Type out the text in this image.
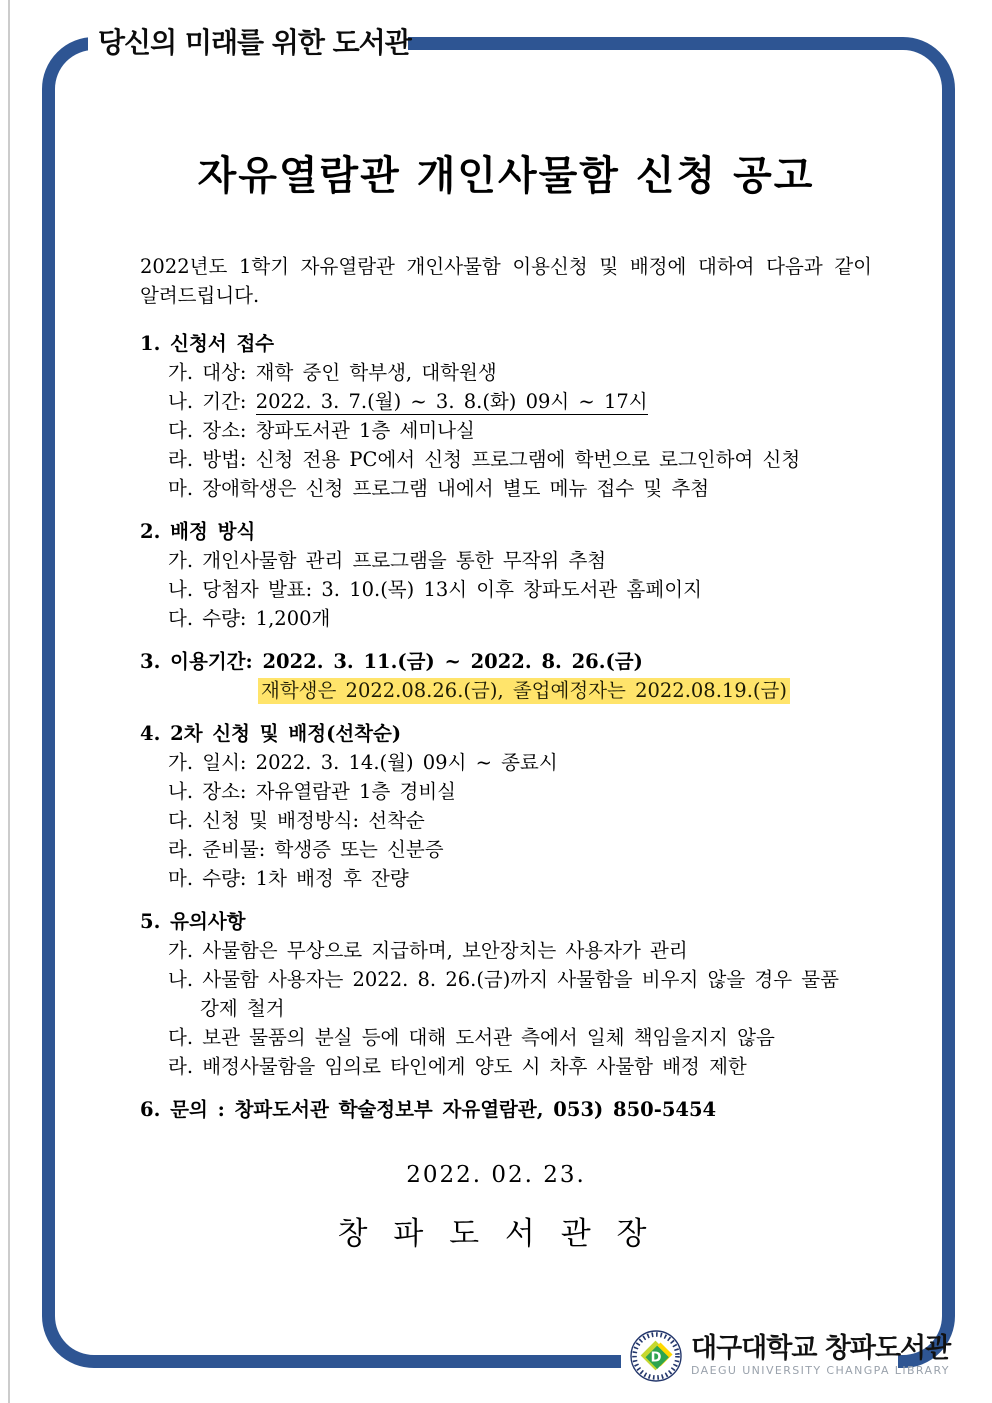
당신의 미래를 위한 도서관
자유열람관 개인사물함 신청 공고
2022년도 1학기 자유열람관 개인사물함 이용신청 및 배정에 대하여 다음과 같이 알려드립니다.
1. 신청서 접수
가. 대상: 재학 중인 학부생, 대학원생
나. 기간: 2022. 3. 7.(월) ~ 3. 8.(화) 09시 ~ 17시
다. 장소: 창파도서관 1층 세미나실
라. 방법: 신청 전용 PC에서 신청 프로그램에 학번으로 로그인하여 신청
마. 장애학생은 신청 프로그램 내에서 별도 메뉴 접수 및 추첨
2. 배정 방식
가. 개인사물함 관리 프로그램을 통한 무작위 추첨
나. 당첨자 발표: 3. 10.(목) 13시 이후 창파도서관 홈페이지
다. 수량: 1,200개
3. 이용기간: 2022. 3. 11.(금) ~ 2022. 8. 26.(금)
재학생은 2022.08.26.(금), 졸업예정자는 2022.08.19.(금)
4. 2차 신청 및 배정(선착순)
가. 일시: 2022. 3. 14.(월) 09시 ~ 종료시
나. 장소: 자유열람관 1층 경비실
다. 신청 및 배정방식: 선착순
라. 준비물: 학생증 또는 신분증
마. 수량: 1차 배정 후 잔량
5. 유의사항
가. 사물함은 무상으로 지급하며, 보안장치는 사용자가 관리
나. 사물함 사용자는 2022. 8. 26.(금)까지 사물함을 비우지 않을 경우 물품
강제 철거
다. 보관 물품의 분실 등에 대해 도서관 측에서 일체 책임을지지 않음
라. 배정사물함을 임의로 타인에게 양도 시 차후 사물함 배정 제한
6. 문의 : 창파도서관 학술정보부 자유열람관, 053) 850-5454
2022. 02. 23.
창 파 도 서 관 장
D 대구대학교 창파도서관
DAEGU UNIVERSITY CHANGPA LIBRARY
